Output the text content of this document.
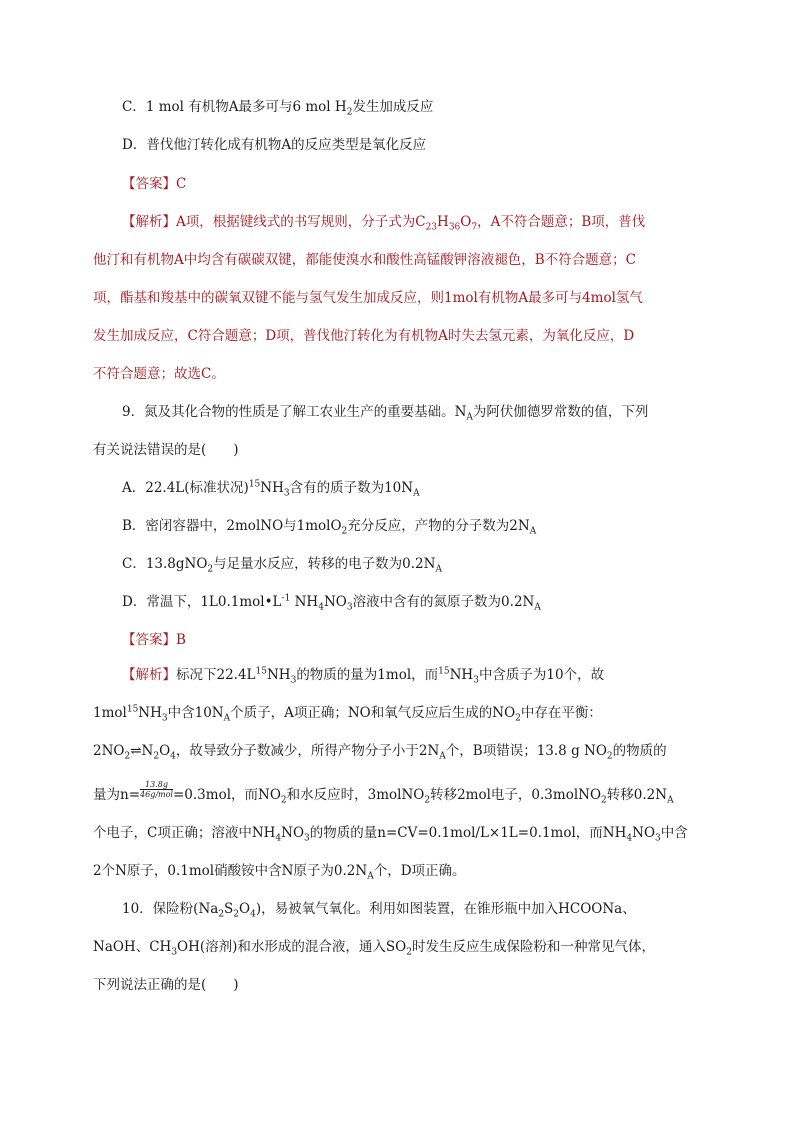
C．1 mol 有机物A最多可与6 mol $H_2$发生加成反应
D．普伐他汀转化成有机物A的反应类型是氧化反应
【答案】C
【解析】A项，根据键线式的书写规则，分子式为$C_{23}H_{36}O_7$，A不符合题意；B项，普伐
他汀和有机物A中均含有碳碳双键，都能使溴水和酸性高锰酸钾溶液褪色，B不符合题意；C
项，酯基和羧基中的碳氧双键不能与氢气发生加成反应，则1mol有机物A最多可与4mol氢气
发生加成反应，C符合题意；D项，普伐他汀转化为有机物A时失去氢元素，为氧化反应，D
不符合题意；故选C。
9．氮及其化合物的性质是了解工农业生产的重要基础。$N_A$为阿伏伽德罗常数的值，下列
有关说法错误的是(　　)
A．22.4L(标准状况)$^{15}NH_3$含有的质子数为$10N_A$
B．密闭容器中，2molNO与1molO$_2$充分反应，产物的分子数为$2N_A$
C．13.8gNO$_2$与足量水反应，转移的电子数为$0.2N_A$
D．常温下，$1L0.1mol•L^{-1}$ $NH_4NO_3$溶液中含有的氮原子数为$0.2N_A$
【答案】B
【解析】标况下$22.4L^{15}NH_3$的物质的量为1mol，而$^{15}NH_3$中含质子为10个，故
$1mol^{15}NH_3$中含$10N_A$个质子，A项正确；NO和氧气反应后生成的$NO_2$中存在平衡：
$2NO_2\rightleftharpoons N_2O_4$，故导致分子数减少，所得产物分子小于$2N_A$个，B项错误；13.8 g $NO_2$的物质的
量为$n= \frac{13.8g}{\text{46g/mol}} =0.3mol$，而$NO_2$和水反应时，3molNO$_2$转移2mol电子，0.3molNO$_2$转移$0.2N_A$
个电子，C项正确；溶液中$NH_4NO_3$的物质的量n=CV=0.1mol/L×1L=0.1mol，而$NH_4NO_3$中含
2个N原子，0.1mol硝酸铵中含N原子为$0.2N_A$个，D项正确。
10．保险粉$(Na_2S_2O_4)$，易被氧气氧化。利用如图装置，在锥形瓶中加入HCOONa、
NaOH、$CH_3OH$(溶剂)和水形成的混合液，通入$SO_2$时发生反应生成保险粉和一种常见气体，
下列说法正确的是(　　)
